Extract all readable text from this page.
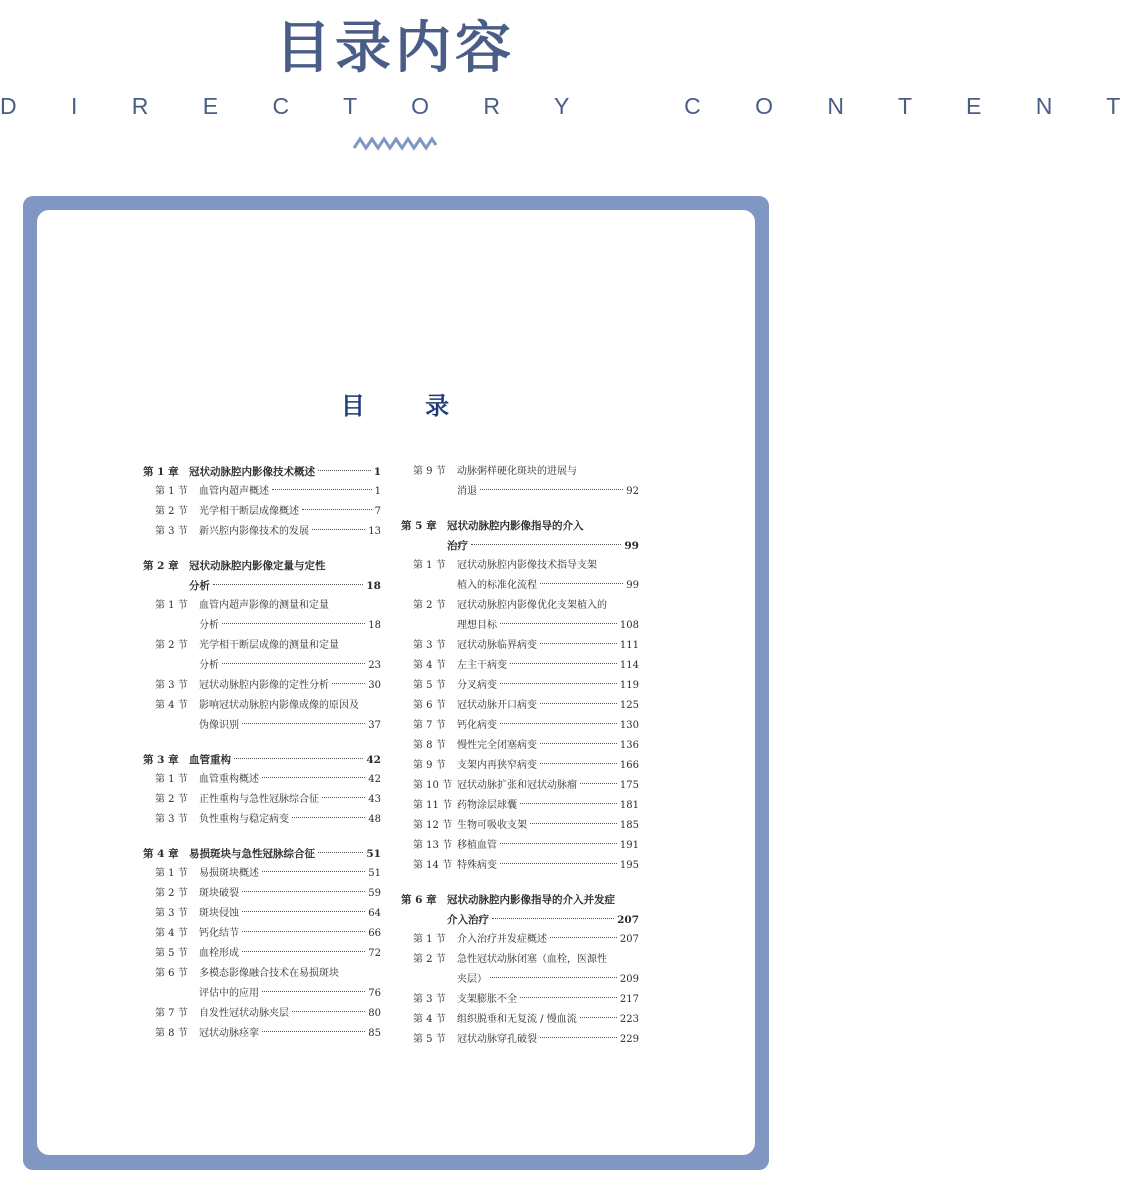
目录内容
D I R E C T O R Y   C O N T E N T
目 录
第 1 章 冠状动脉腔内影像技术概述	1
第 1 节	血管内超声概述	1
第 2 节	光学相干断层成像概述	7
第 3 节	新兴腔内影像技术的发展	13
第 2 章 冠状动脉腔内影像定量与定性
分析	18
第 1 节	血管内超声影像的测量和定量
分析	18
第 2 节	光学相干断层成像的测量和定量
分析	23
第 3 节	冠状动脉腔内影像的定性分析	30
第 4 节	影响冠状动脉腔内影像成像的原因及
伪像识别	37
第 3 章 血管重构	42
第 1 节	血管重构概述	42
第 2 节	正性重构与急性冠脉综合征	43
第 3 节	负性重构与稳定病变	48
第 4 章 易损斑块与急性冠脉综合征	51
第 1 节	易损斑块概述	51
第 2 节	斑块破裂	59
第 3 节	斑块侵蚀	64
第 4 节	钙化结节	66
第 5 节	血栓形成	72
第 6 节	多模态影像融合技术在易损斑块
评估中的应用	76
第 7 节	自发性冠状动脉夹层	80
第 8 节	冠状动脉痉挛	85
第 9 节	动脉粥样硬化斑块的进展与
消退	92
第 5 章 冠状动脉腔内影像指导的介入
治疗	99
第 1 节	冠状动脉腔内影像技术指导支架
植入的标准化流程	99
第 2 节	冠状动脉腔内影像优化支架植入的
理想目标	108
第 3 节	冠状动脉临界病变	111
第 4 节	左主干病变	114
第 5 节	分叉病变	119
第 6 节	冠状动脉开口病变	125
第 7 节	钙化病变	130
第 8 节	慢性完全闭塞病变	136
第 9 节	支架内再狭窄病变	166
第 10 节 冠状动脉扩张和冠状动脉瘤	175
第 11 节 药物涂层球囊	181
第 12 节 生物可吸收支架	185
第 13 节 移植血管	191
第 14 节 特殊病变	195
第 6 章 冠状动脉腔内影像指导的介入并发症
介入治疗	207
第 1 节	介入治疗并发症概述	207
第 2 节	急性冠状动脉闭塞（血栓，医源性
夹层）	209
第 3 节	支架膨胀不全	217
第 4 节	组织脱垂和无复流 / 慢血流	223
第 5 节	冠状动脉穿孔破裂	229
